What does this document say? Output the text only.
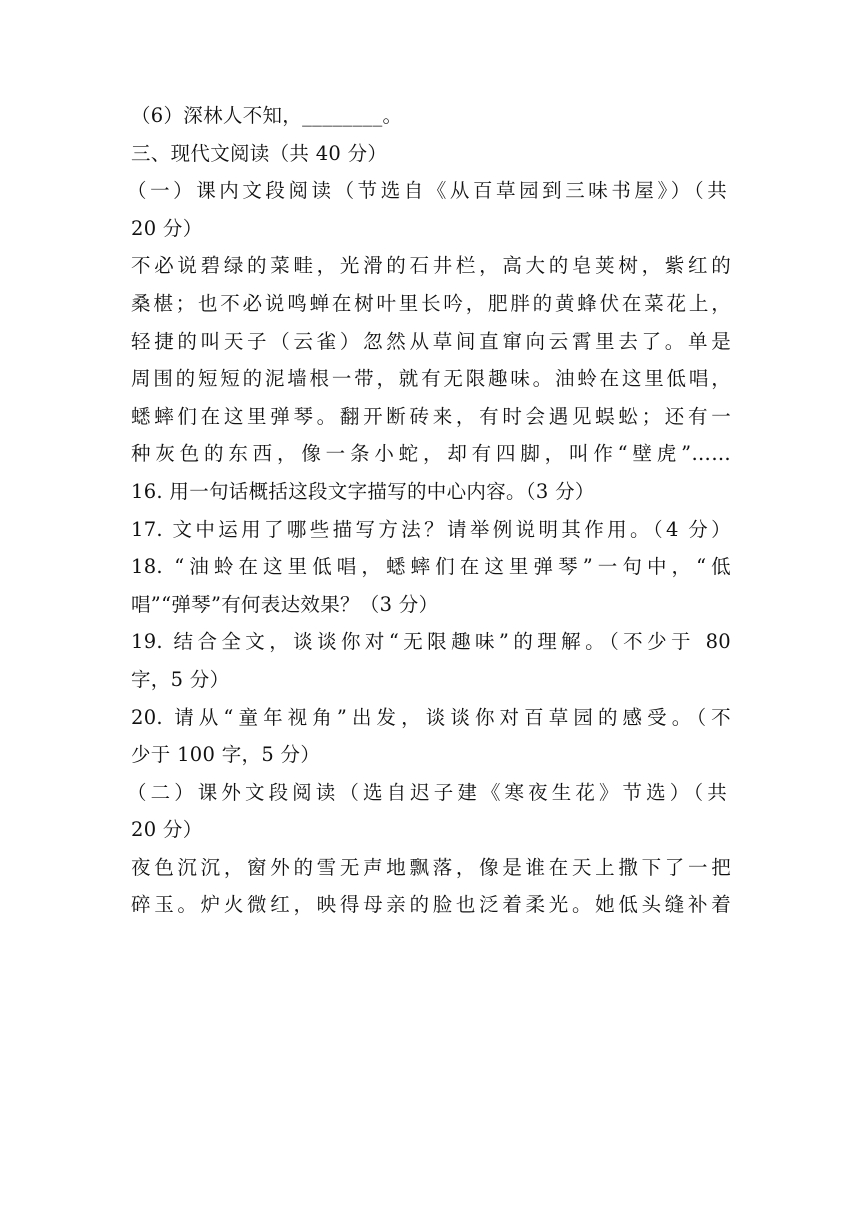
（6）深林人不知，________。
三、现代文阅读（共 40 分）
（一）课内文段阅读（节选自《从百草园到三味书屋》）（共
20 分）
不必说碧绿的菜畦，光滑的石井栏，高大的皂荚树，紫红的
桑椹；也不必说鸣蝉在树叶里长吟，肥胖的黄蜂伏在菜花上，
轻捷的叫天子（云雀）忽然从草间直窜向云霄里去了。单是
周围的短短的泥墙根一带，就有无限趣味。油蛉在这里低唱，
蟋蟀们在这里弹琴。翻开断砖来，有时会遇见蜈蚣；还有一
种灰色的东西，像一条小蛇，却有四脚，叫作“壁虎”……
16. 用一句话概括这段文字描写的中心内容。（3 分）
17. 文中运用了哪些描写方法？请举例说明其作用。（4 分）
18. “油蛉在这里低唱，蟋蟀们在这里弹琴”一句中，“低
唱”“弹琴”有何表达效果？（3 分）
19. 结合全文，谈谈你对“无限趣味”的理解。（不少于 80
字，5 分）
20. 请从“童年视角”出发，谈谈你对百草园的感受。（不
少于 100 字，5 分）
（二）课外文段阅读（选自迟子建《寒夜生花》节选）（共
20 分）
夜色沉沉，窗外的雪无声地飘落，像是谁在天上撒下了一把
碎玉。炉火微红，映得母亲的脸也泛着柔光。她低头缝补着
